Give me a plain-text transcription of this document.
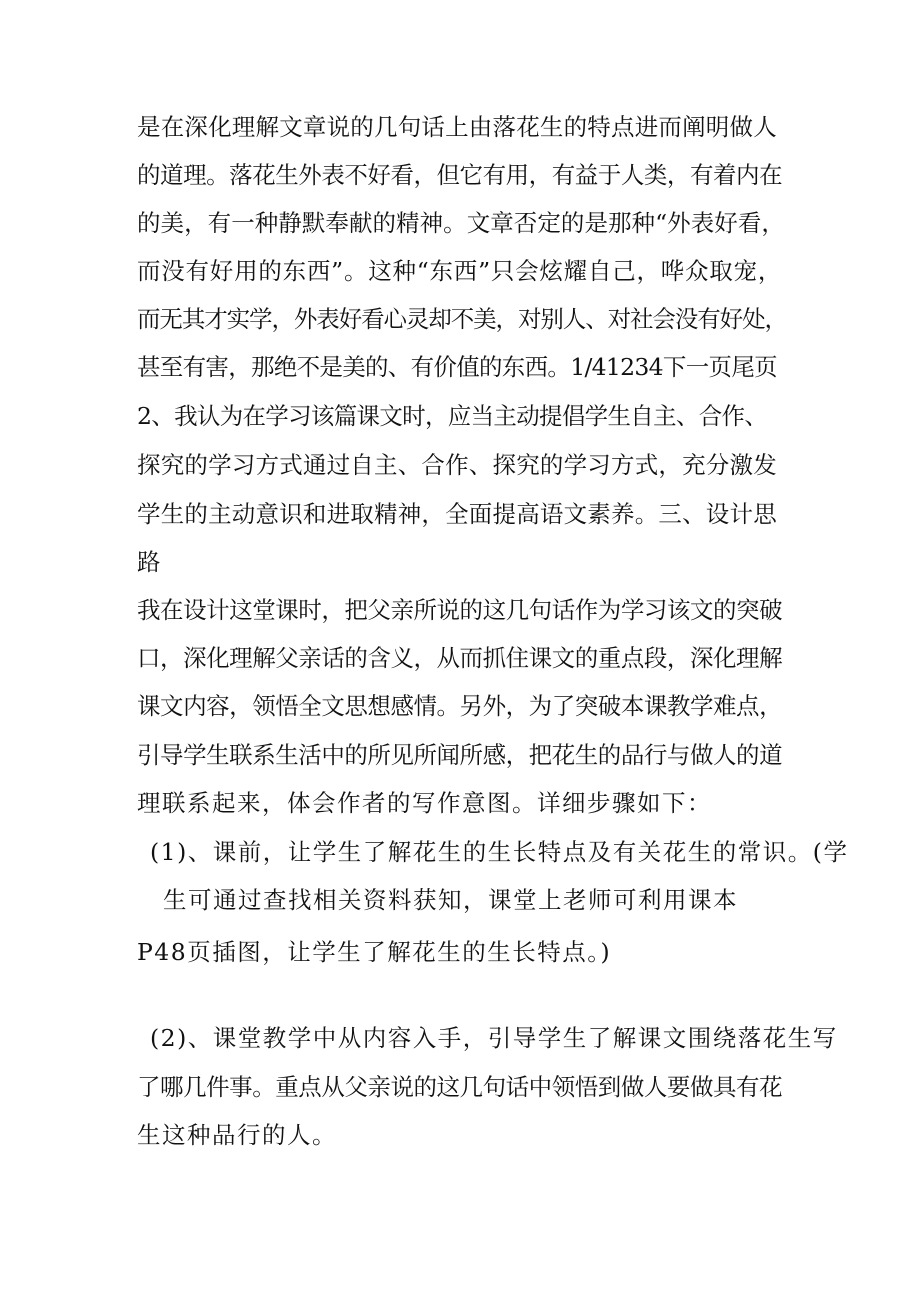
是在深化理解文章说的几句话上由落花生的特点进而阐明做人
的道理。落花生外表不好看，但它有用，有益于人类，有着内在
的美，有一种静默奉献的精神。文章否定的是那种“外表好看，
而没有好用的东西”。这种“东西”只会炫耀自己，哗众取宠，
而无其才实学，外表好看心灵却不美，对别人、对社会没有好处，
甚至有害，那绝不是美的、有价值的东西。1/41234下一页尾页
2、我认为在学习该篇课文时，应当主动提倡学生自主、合作、
探究的学习方式通过自主、合作、探究的学习方式，充分激发
学生的主动意识和进取精神，全面提高语文素养。三、设计思
路
我在设计这堂课时，把父亲所说的这几句话作为学习该文的突破
口，深化理解父亲话的含义，从而抓住课文的重点段，深化理解
课文内容，领悟全文思想感情。另外，为了突破本课教学难点，
引导学生联系生活中的所见所闻所感，把花生的品行与做人的道
理联系起来，体会作者的写作意图。详细步骤如下：
(1)、课前，让学生了解花生的生长特点及有关花生的常识。(学
生可通过查找相关资料获知，课堂上老师可利用课本
P48页插图，让学生了解花生的生长特点。)
(2)、课堂教学中从内容入手，引导学生了解课文围绕落花生写
了哪几件事。重点从父亲说的这几句话中领悟到做人要做具有花
生这种品行的人。
